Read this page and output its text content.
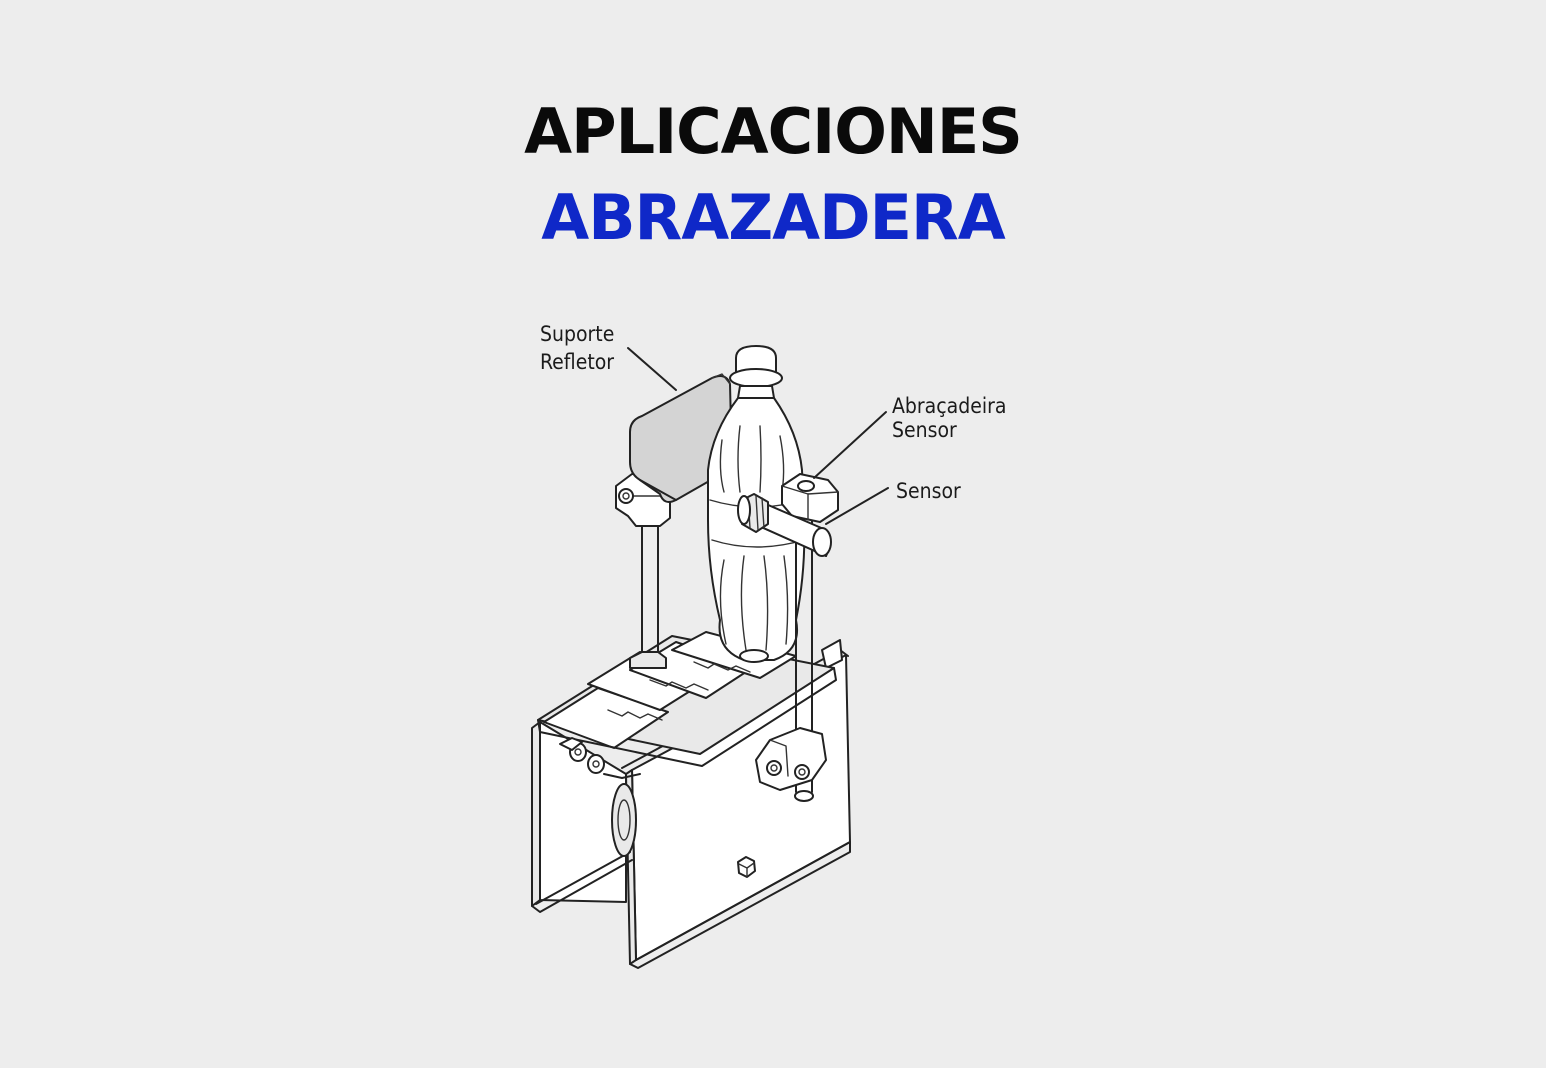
APLICACIONES
ABRAZADERA
Suporte
Refletor
Abraçadeira
Sensor
Sensor
